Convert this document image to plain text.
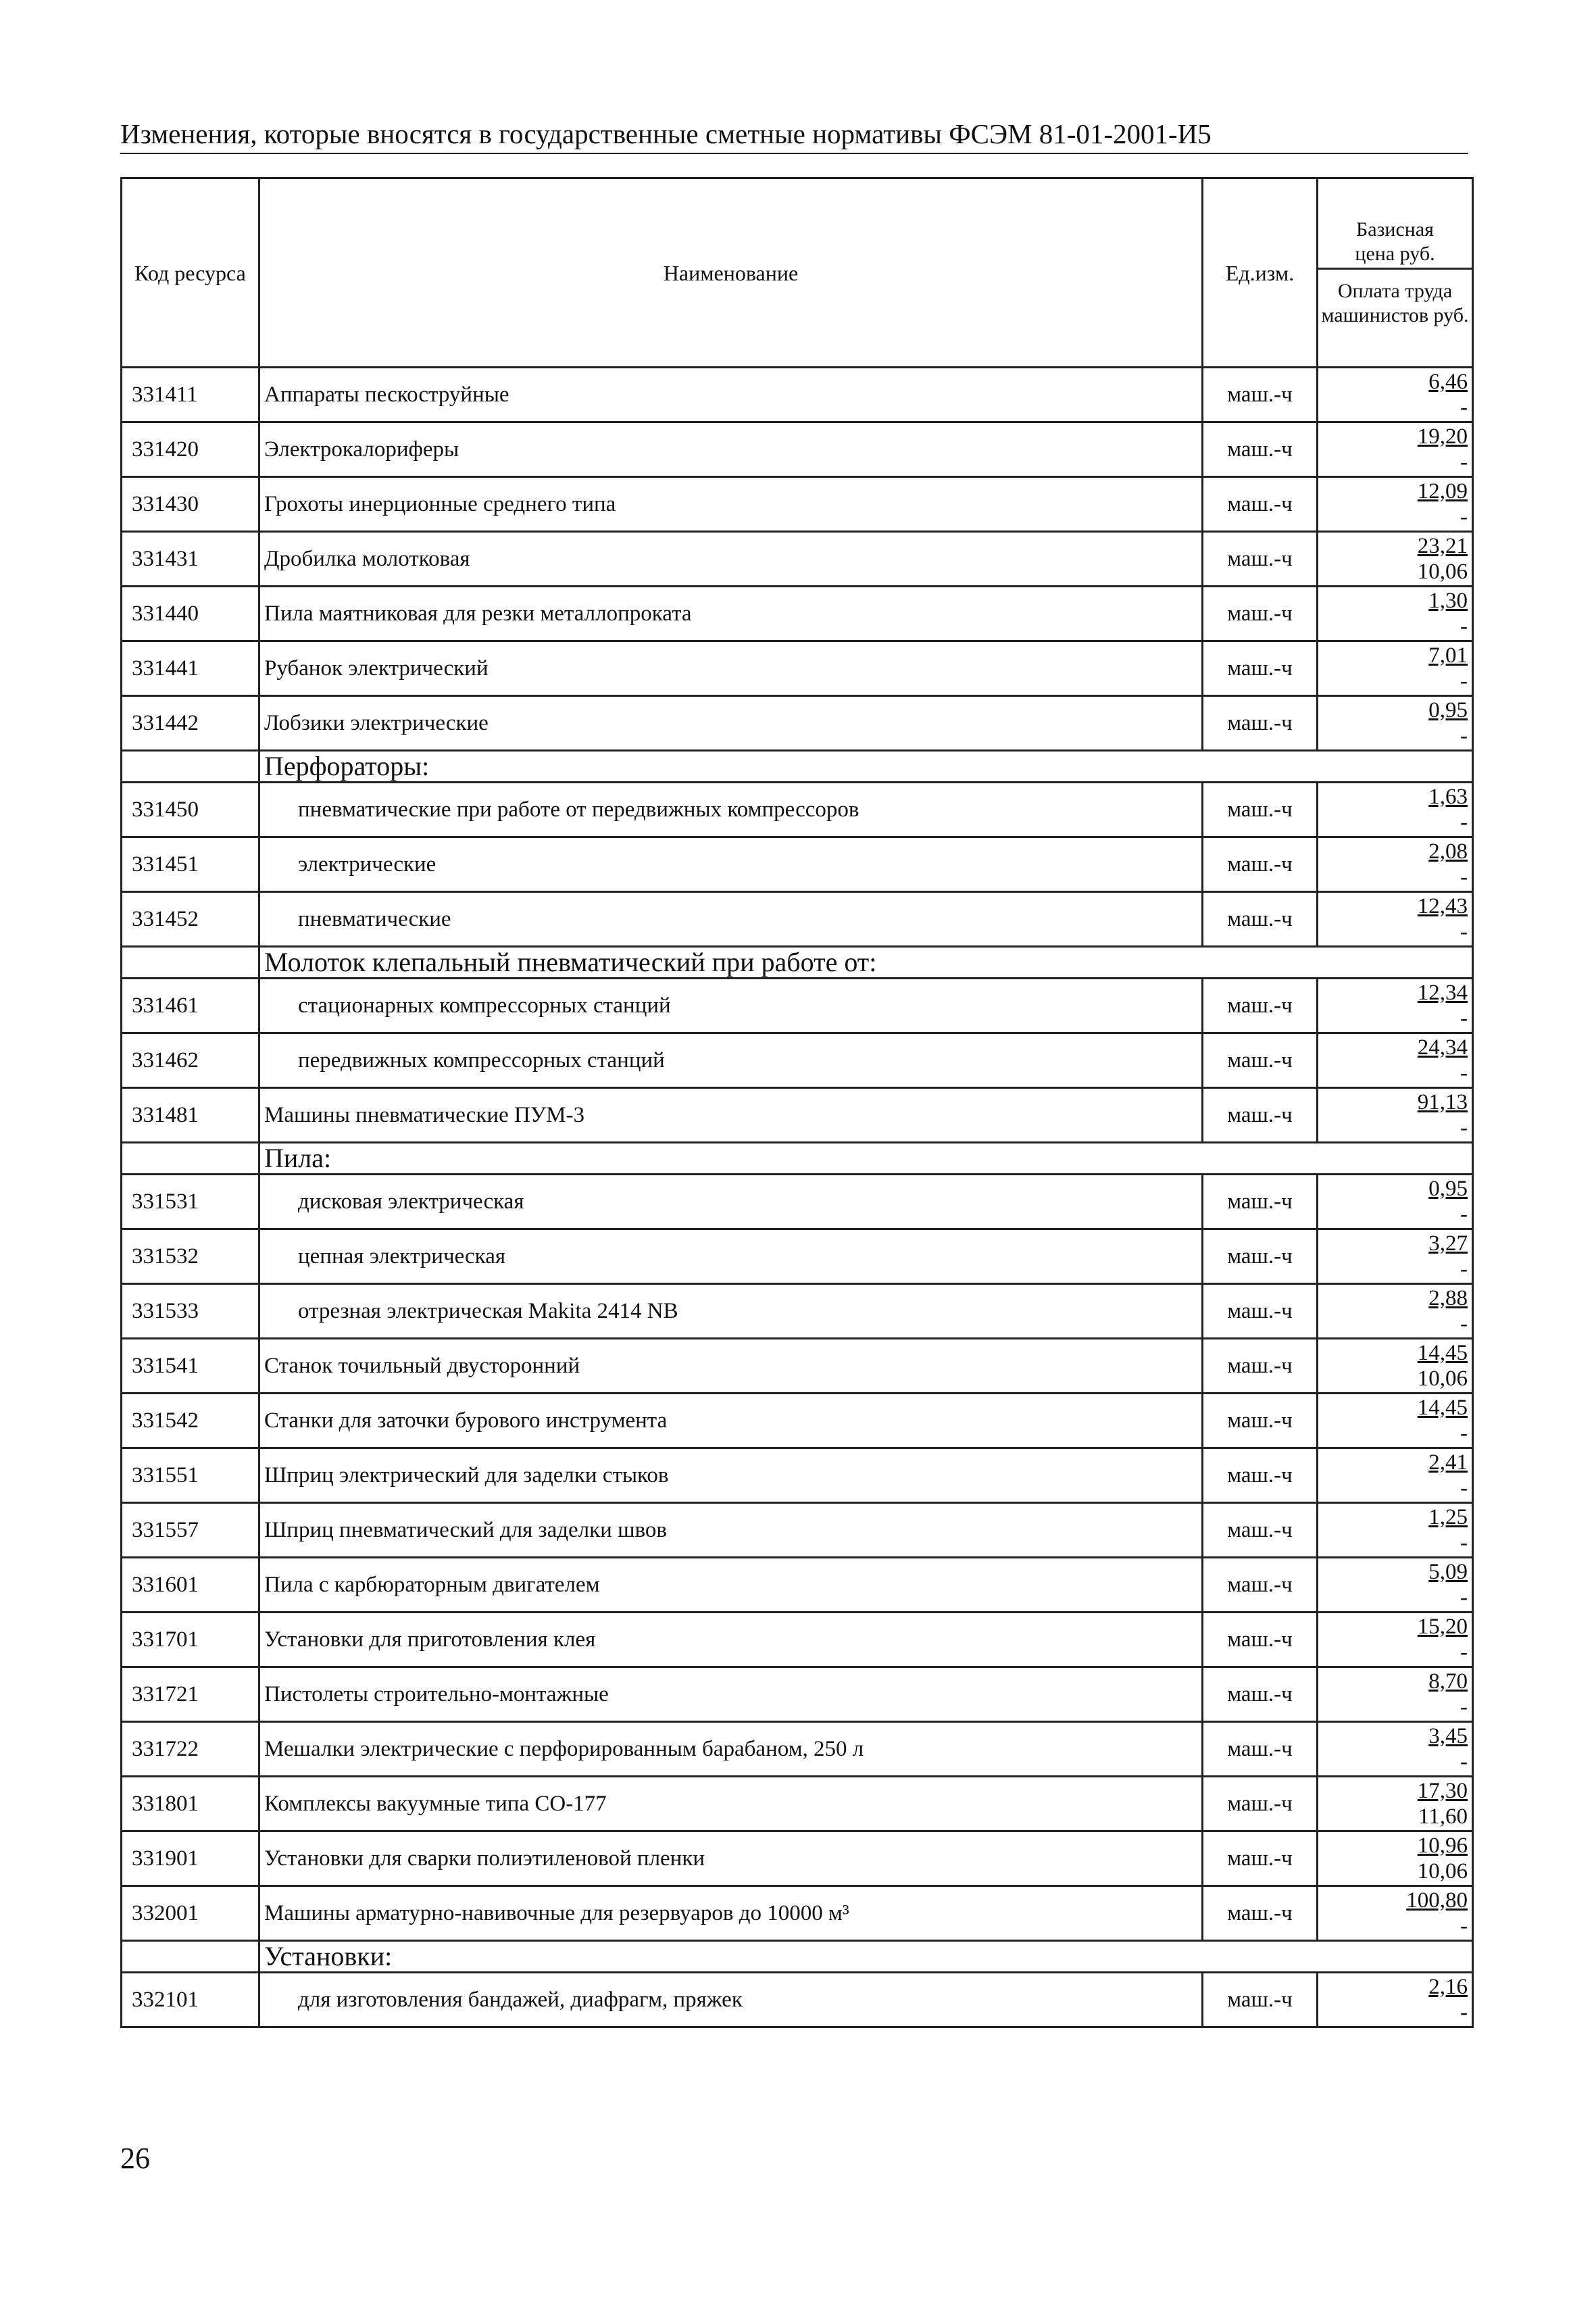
Изменения, которые вносятся в государственные сметные нормативы ФСЭМ 81-01-2001-И5
Код ресурса	Наименование	Ед.изм.	Базисная цена руб.
Оплата труда машинистов руб.
331411	Аппараты пескоструйные	маш.-ч	6,46
-

331420	Электрокалориферы	маш.-ч	19,20
-

331430	Грохоты инерционные среднего типа	маш.-ч	12,09
-

331431	Дробилка молотковая	маш.-ч	23,21
10,06

331440	Пила маятниковая для резки металлопроката	маш.-ч	1,30
-

331441	Рубанок электрический	маш.-ч	7,01
-

331442	Лобзики электрические	маш.-ч	0,95
-

	Перфораторы:		
331450	пневматические при работе от передвижных компрессоров	маш.-ч	1,63
-

331451	электрические	маш.-ч	2,08
-

331452	пневматические	маш.-ч	12,43
-

	Молоток клепальный пневматический при работе от:		
331461	стационарных компрессорных станций	маш.-ч	12,34
-

331462	передвижных компрессорных станций	маш.-ч	24,34
-

331481	Машины пневматические ПУМ-3	маш.-ч	91,13
-

	Пила:		
331531	дисковая электрическая	маш.-ч	0,95
-

331532	цепная электрическая	маш.-ч	3,27
-

331533	отрезная электрическая Makita 2414 NB	маш.-ч	2,88
-

331541	Станок точильный двусторонний	маш.-ч	14,45
10,06

331542	Станки для заточки бурового инструмента	маш.-ч	14,45
-

331551	Шприц электрический для заделки стыков	маш.-ч	2,41
-

331557	Шприц пневматический для заделки швов	маш.-ч	1,25
-

331601	Пила с карбюраторным двигателем	маш.-ч	5,09
-

331701	Установки для приготовления клея	маш.-ч	15,20
-

331721	Пистолеты строительно-монтажные	маш.-ч	8,70
-

331722	Мешалки электрические с перфорированным барабаном, 250 л	маш.-ч	3,45
-

331801	Комплексы вакуумные типа СО-177	маш.-ч	17,30
11,60

331901	Установки для сварки полиэтиленовой пленки	маш.-ч	10,96
10,06

332001	Машины арматурно-навивочные для резервуаров до 10000 м³	маш.-ч	100,80
-

	Установки:		
332101	для изготовления бандажей, диафрагм, пряжек	маш.-ч	2,16
-
26
